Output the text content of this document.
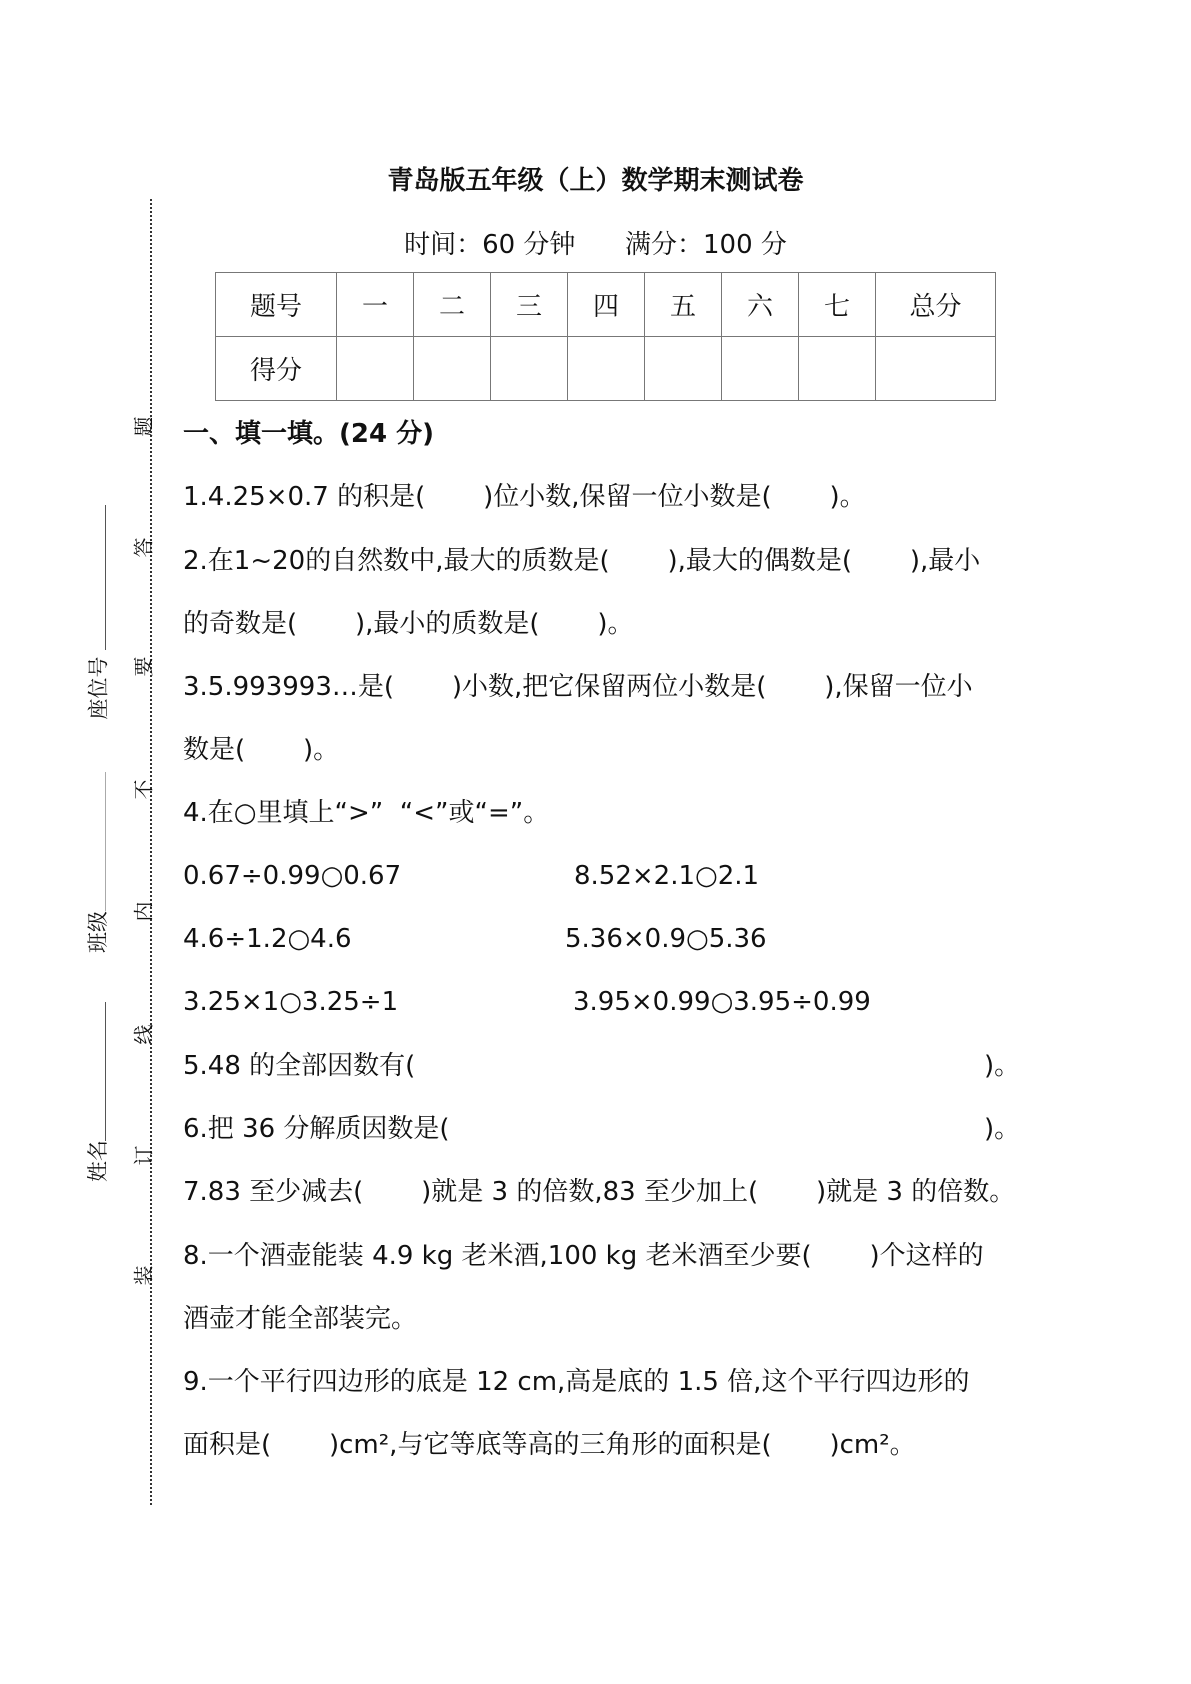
青岛版五年级（上）数学期末测试卷
时间：60 分钟 满分：100 分
题号	一	二	三	四	五	六	七	总分
得分								
题
答
要
不
内
线
订
装
座位号
班级
姓名
一、填一填。(24 分)
1.4.25×0.7 的积是(       )位小数,保留一位小数是(       )。
2.在1~20的自然数中,最大的质数是(       ),最大的偶数是(       ),最小
的奇数是(       ),最小的质数是(       )。
3.5.993993…是(       )小数,把它保留两位小数是(       ),保留一位小
数是(       )。
4.在○里填上“>”  “<”或“=”。
0.67÷0.99○0.67	8.52×2.1○2.1
4.6÷1.2○4.6	5.36×0.9○5.36
3.25×1○3.25÷1	3.95×0.99○3.95÷0.99
5.48 的全部因数有(	)。
6.把 36 分解质因数是(	)。
7.83 至少减去(       )就是 3 的倍数,83 至少加上(       )就是 3 的倍数。
8.一个酒壶能装 4.9 kg 老米酒,100 kg 老米酒至少要(       )个这样的
酒壶才能全部装完。
9.一个平行四边形的底是 12 cm,高是底的 1.5 倍,这个平行四边形的
面积是(       )cm²,与它等底等高的三角形的面积是(       )cm²。
